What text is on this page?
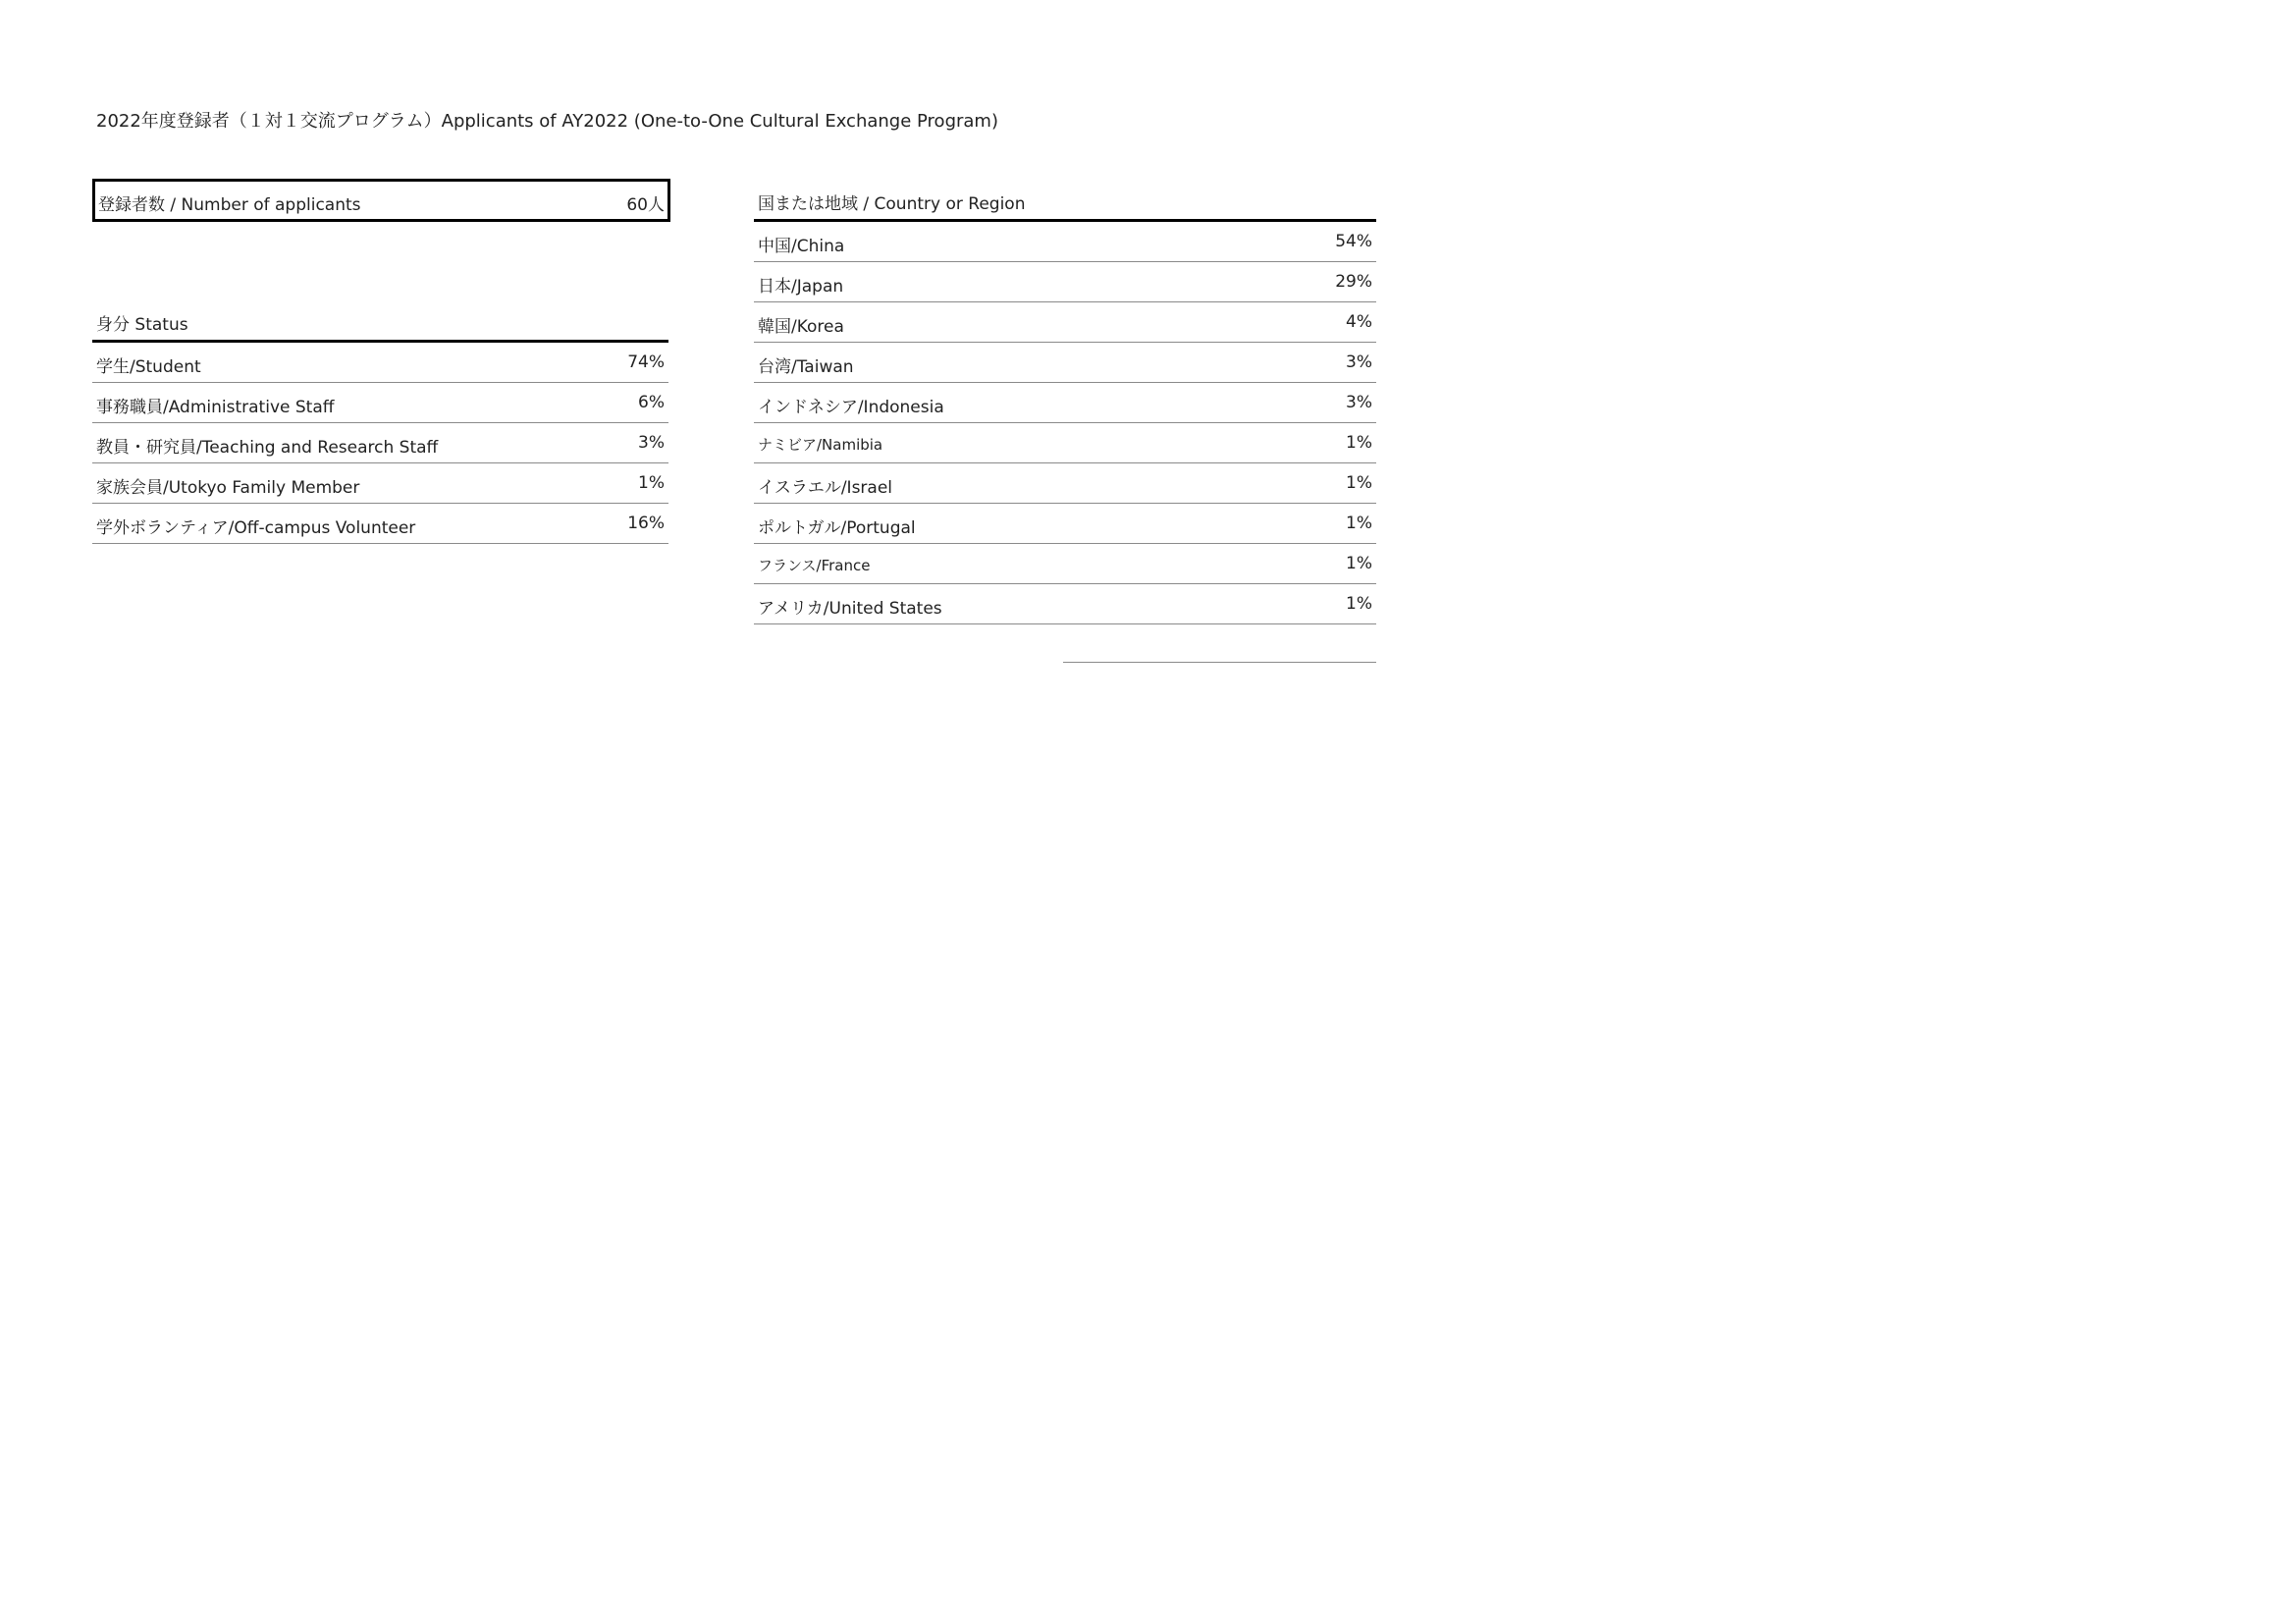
2022年度登録者（１対１交流プログラム）Applicants of AY2022 (One-to-One Cultural Exchange Program)
登録者数 / Number of applicants	60人
身分 Status
学生/Student	74%
事務職員/Administrative Staff	6%
教員・研究員/Teaching and Research Staff	3%
家族会員/Utokyo Family Member	1%
学外ボランティア/Off-campus Volunteer	16%
国または地域 / Country or Region
中国/China	54%
日本/Japan	29%
韓国/Korea	4%
台湾/Taiwan	3%
インドネシア/Indonesia	3%
ナミビア/Namibia	1%
イスラエル/Israel	1%
ポルトガル/Portugal	1%
フランス/France	1%
アメリカ/United States	1%
